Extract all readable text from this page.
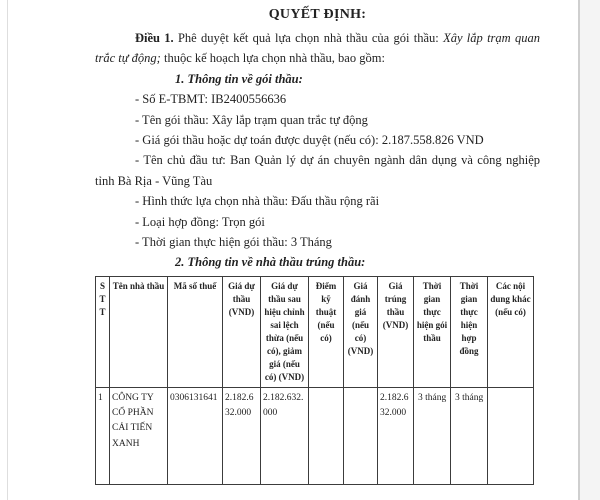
QUYẾT ĐỊNH:

Điều 1. Phê duyệt kết quả lựa chọn nhà thầu của gói thầu: Xây lắp trạm quan trắc tự động; thuộc kế hoạch lựa chọn nhà thầu, bao gồm:

1. Thông tin về gói thầu:

- Số E-TBMT: IB2400556636

- Tên gói thầu: Xây lắp trạm quan trắc tự động

- Giá gói thầu hoặc dự toán được duyệt (nếu có): 2.187.558.826 VND

- Tên chủ đầu tư: Ban Quản lý dự án chuyên ngành dân dụng và công nghiệp tỉnh Bà Rịa - Vũng Tàu

- Hình thức lựa chọn nhà thầu: Đấu thầu rộng rãi

- Loại hợp đồng: Trọn gói

- Thời gian thực hiện gói thầu: 3 Tháng

2. Thông tin về nhà thầu trúng thầu:

STT	Tên nhà thầu	Mã số thuế	Giá dự thầu (VND)	Giá dự thầu sau hiệu chỉnh sai lệch thừa (nếu có), giảm giá (nếu có) (VND)	Điểm kỹ thuật (nếu có)	Giá đánh giá (nếu có) (VND)	Giá trúng thầu (VND)	Thời gian thực hiện gói thầu	Thời gian thực hiện hợp đồng	Các nội dung khác (nếu có)
1	CÔNG TY CỔ PHẦN CẢI TIẾN XANH	0306131641	2.182.632.000	2.182.632.000			2.182.632.000	3 tháng	3 tháng	
